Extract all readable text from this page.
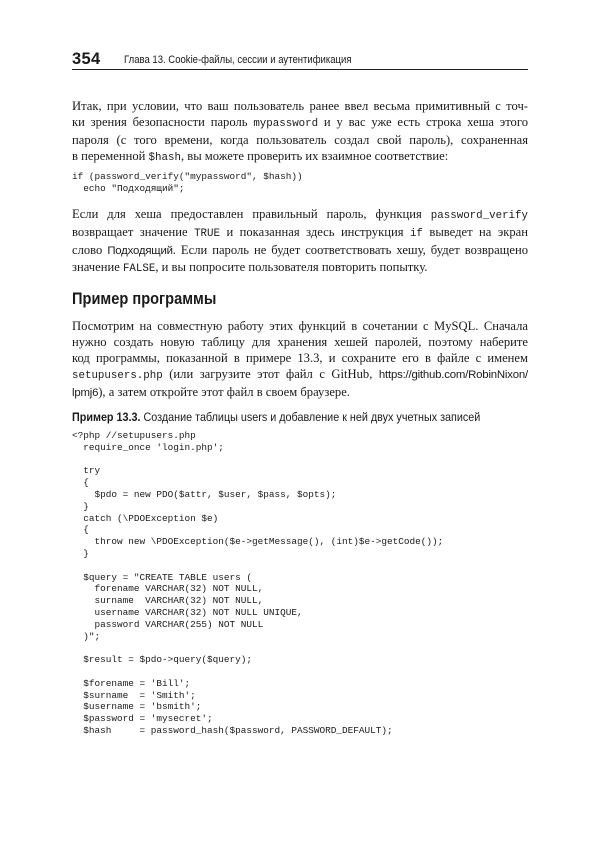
354 Глава 13. Cookie-файлы, сессии и аутентификация

Итак, при условии, что ваш пользователь ранее ввел весьма примитивный с точ-
ки зрения безопасности пароль mypassword и у вас уже есть строка хеша этого
пароля (с того времени, когда пользователь создал свой пароль), сохраненная
в переменной $hash, вы можете проверить их взаимное соответствие:

if (password_verify("mypassword", $hash))
echo "Подходящий";

Если для хеша предоставлен правильный пароль, функция password_verify
возвращает значение TRUE и показанная здесь инструкция if выведет на экран
слово Подходящий. Если пароль не будет соответствовать хешу, будет возвращено
значение FALSE, и вы попросите пользователя повторить попытку.

Пример программы

Посмотрим на совместную работу этих функций в сочетании с MySQL. Сначала
нужно создать новую таблицу для хранения хешей паролей, поэтому наберите
код программы, показанной в примере 13.3, и сохраните его в файле с именем
setupusers.php (или загрузите этот файл с GitHub, https://github.com/RobinNixon/
lpmj6), а затем откройте этот файл в своем браузере.

Пример 13.3. Создание таблицы users и добавление к ней двух учетных записей
<?php //setupusers.php
require_once 'login.php';

try
{
$pdo = new PDO($attr, $user, $pass, $opts);
}
catch (\PDOException $e)
{
throw new \PDOException($e->getMessage(), (int)$e->getCode());
}

$query = "CREATE TABLE users (
forename VARCHAR(32) NOT NULL,
surname  VARCHAR(32) NOT NULL,
username VARCHAR(32) NOT NULL UNIQUE,
password VARCHAR(255) NOT NULL
)";

$result = $pdo->query($query);

$forename = 'Bill';
$surname  = 'Smith';
$username = 'bsmith';
$password = 'mysecret';
$hash     = password_hash($password, PASSWORD_DEFAULT);
